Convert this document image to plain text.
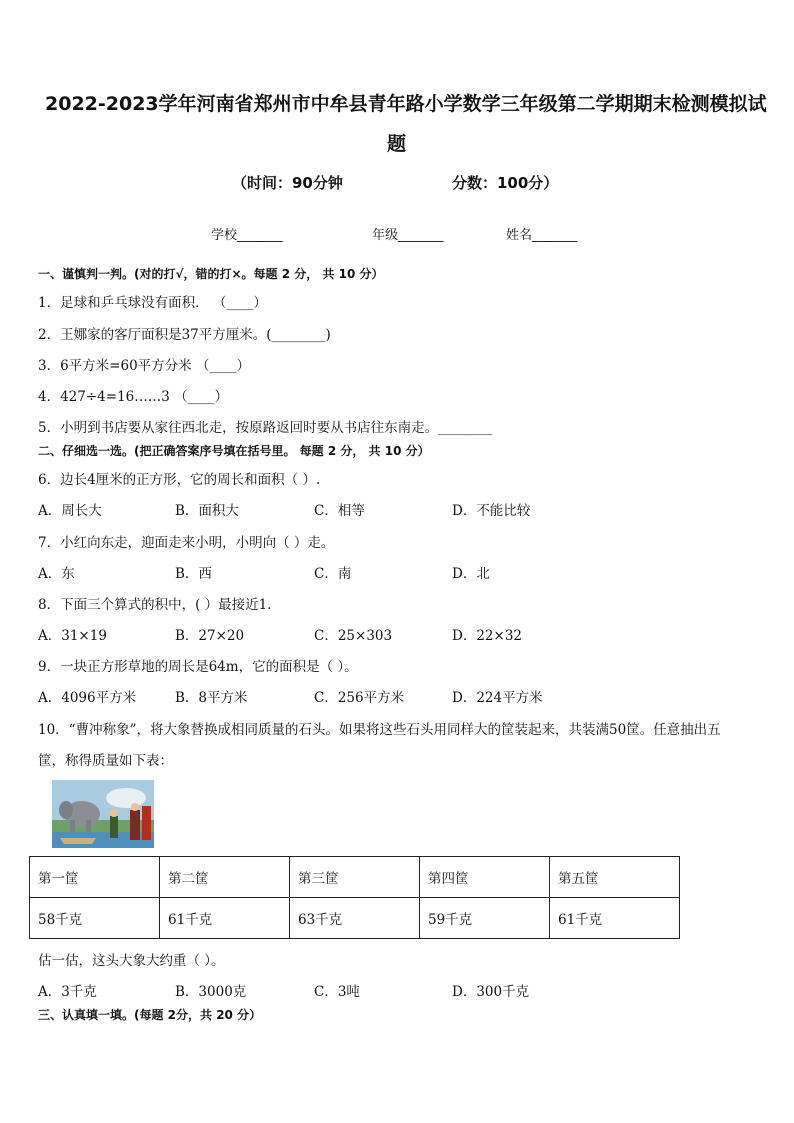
2022-2023学年河南省郑州市中牟县青年路小学数学三年级第二学期期末检测模拟试
题
（时间：90分钟	分数：100分）
学校_______	年级_______	姓名_______
一、谨慎判一判。(对的打√，错的打×。每题 2 分， 共 10 分）
1．足球和乒乓球没有面积． （____）
2．王娜家的客厅面积是37平方厘米。(________)
3．6平方米=60平方分米 （____）
4．427÷4=16……3 （____）
5．小明到书店要从家往西北走，按原路返回时要从书店往东南走。________
二、仔细选一选。(把正确答案序号填在括号里。 每题 2 分， 共 10 分）
6．边长4厘米的正方形，它的周长和面积（ ）.
A．周长大	B．面积大	C．相等	D．不能比较
7．小红向东走，迎面走来小明，小明向（ ）走。
A．东	B．西	C．南	D．北
8．下面三个算式的积中，( ）最接近1．
A．31×19	B．27×20	C．25×303	D．22×32
9．一块正方形草地的周长是64m，它的面积是（ ）。
A．4096平方米	B．8平方米	C．256平方米	D．224平方米
10．“曹冲称象”，将大象替换成相同质量的石头。如果将这些石头用同样大的筐装起来，共装满50筐。任意抽出五
筐，称得质量如下表：
第一筐	第二筐	第三筐	第四筐	第五筐
58千克	61千克	63千克	59千克	61千克
估一估，这头大象大约重（ ）。
A．3千克	B．3000克	C．3吨	D．300千克
三、认真填一填。(每题 2分，共 20 分）
